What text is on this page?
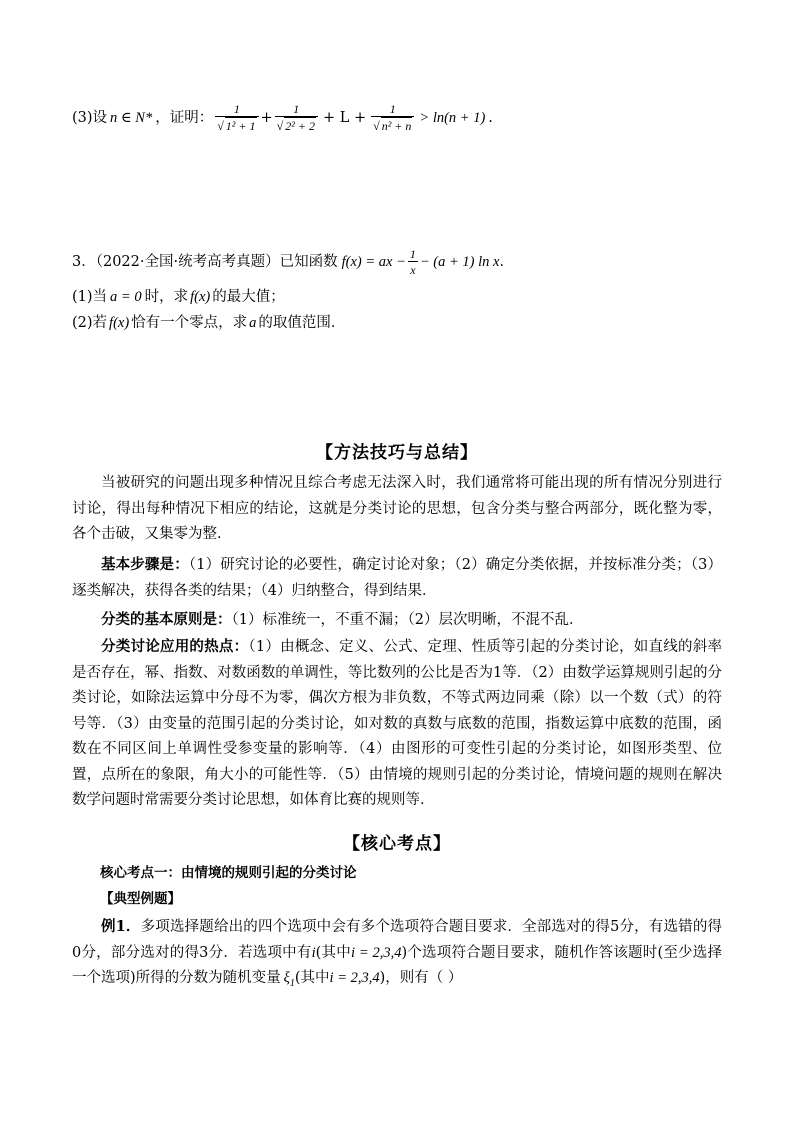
(3)设 n ∈ N* ，证明： $\frac{1}{\text{√ 1² + 1}} + \frac{1}{\text{√ 2² + 2}} + L + \frac{1}{\text{√ n² + n}} > \ln(n + 1)$ .
3．（2022·全国·统考高考真题）已知函数 f(x) = ax − $\frac{1}{x} - (a + 1)$ ln x ．
(1)当 a = 0 时，求 f(x) 的最大值；
(2)若 f(x) 恰有一个零点，求 a 的取值范围．
【方法技巧与总结】
当被研究的问题出现多种情况且综合考虑无法深入时，我们通常将可能出现的所有情况分别进行讨论，得出每种情况下相应的结论，这就是分类讨论的思想，包含分类与整合两部分，既化整为零，各个击破，又集零为整．
基本步骤是：（1）研究讨论的必要性，确定讨论对象；（2）确定分类依据，并按标准分类；（3）逐类解决，获得各类的结果；（4）归纳整合，得到结果．
分类的基本原则是：（1）标准统一，不重不漏；（2）层次明晰，不混不乱．
分类讨论应用的热点：（1）由概念、定义、公式、定理、性质等引起的分类讨论，如直线的斜率是否存在，幂、指数、对数函数的单调性，等比数列的公比是否为1等．（2）由数学运算规则引起的分类讨论，如除法运算中分母不为零，偶次方根为非负数，不等式两边同乘（除）以一个数（式）的符号等．（3）由变量的范围引起的分类讨论，如对数的真数与底数的范围，指数运算中底数的范围，函数在不同区间上单调性受参变量的影响等．（4）由图形的可变性引起的分类讨论，如图形类型、位置，点所在的象限，角大小的可能性等．（5）由情境的规则引起的分类讨论，情境问题的规则在解决数学问题时常需要分类讨论思想，如体育比赛的规则等．
【核心考点】
核心考点一：由情境的规则引起的分类讨论
【典型例题】
例1．多项选择题给出的四个选项中会有多个选项符合题目要求．全部选对的得5分，有选错的得0分，部分选对的得3分．若选项中有i(其中i = 2,3,4)个选项符合题目要求，随机作答该题时(至少选择一个选项)所得的分数为随机变量 $\xi_1$(其中i = 2,3,4)，则有（ ）
